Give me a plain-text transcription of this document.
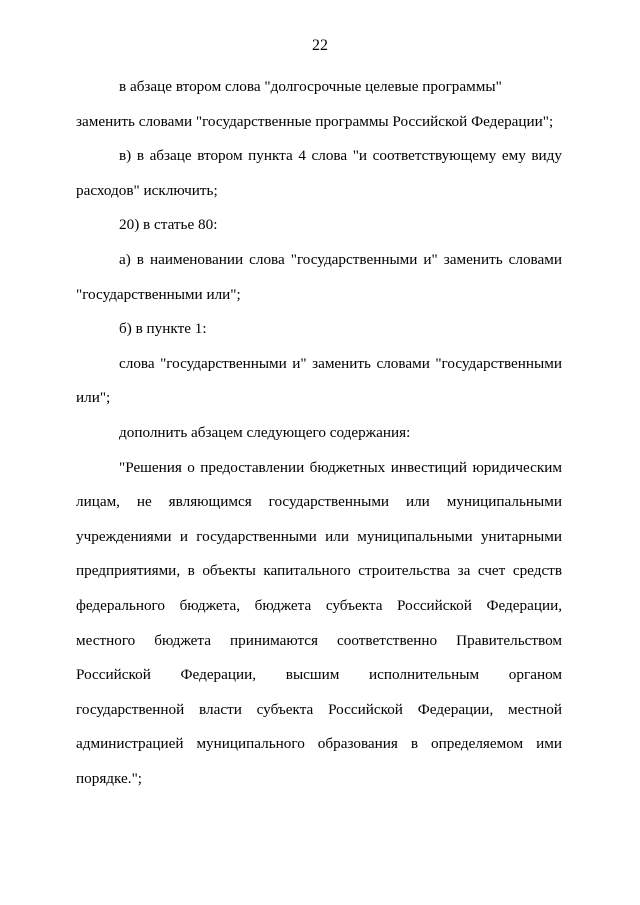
22

в абзаце втором слова "долгосрочные целевые программы" заменить словами "государственные программы Российской Федерации";

в) в абзаце втором пункта 4 слова "и соответствующему ему виду расходов" исключить;

20) в статье 80:

а) в наименовании слова "государственными и" заменить словами "государственными или";

б) в пункте 1:

слова "государственными и" заменить словами "государственными или";

дополнить абзацем следующего содержания:

"Решения о предоставлении бюджетных инвестиций юридическим лицам, не являющимся государственными или муниципальными учреждениями и государственными или муниципальными унитарными предприятиями, в объекты капитального строительства за счет средств федерального бюджета, бюджета субъекта Российской Федерации, местного бюджета принимаются соответственно Правительством Российской Федерации, высшим исполнительным органом государственной власти субъекта Российской Федерации, местной администрацией муниципального образования в определяемом ими порядке.";
